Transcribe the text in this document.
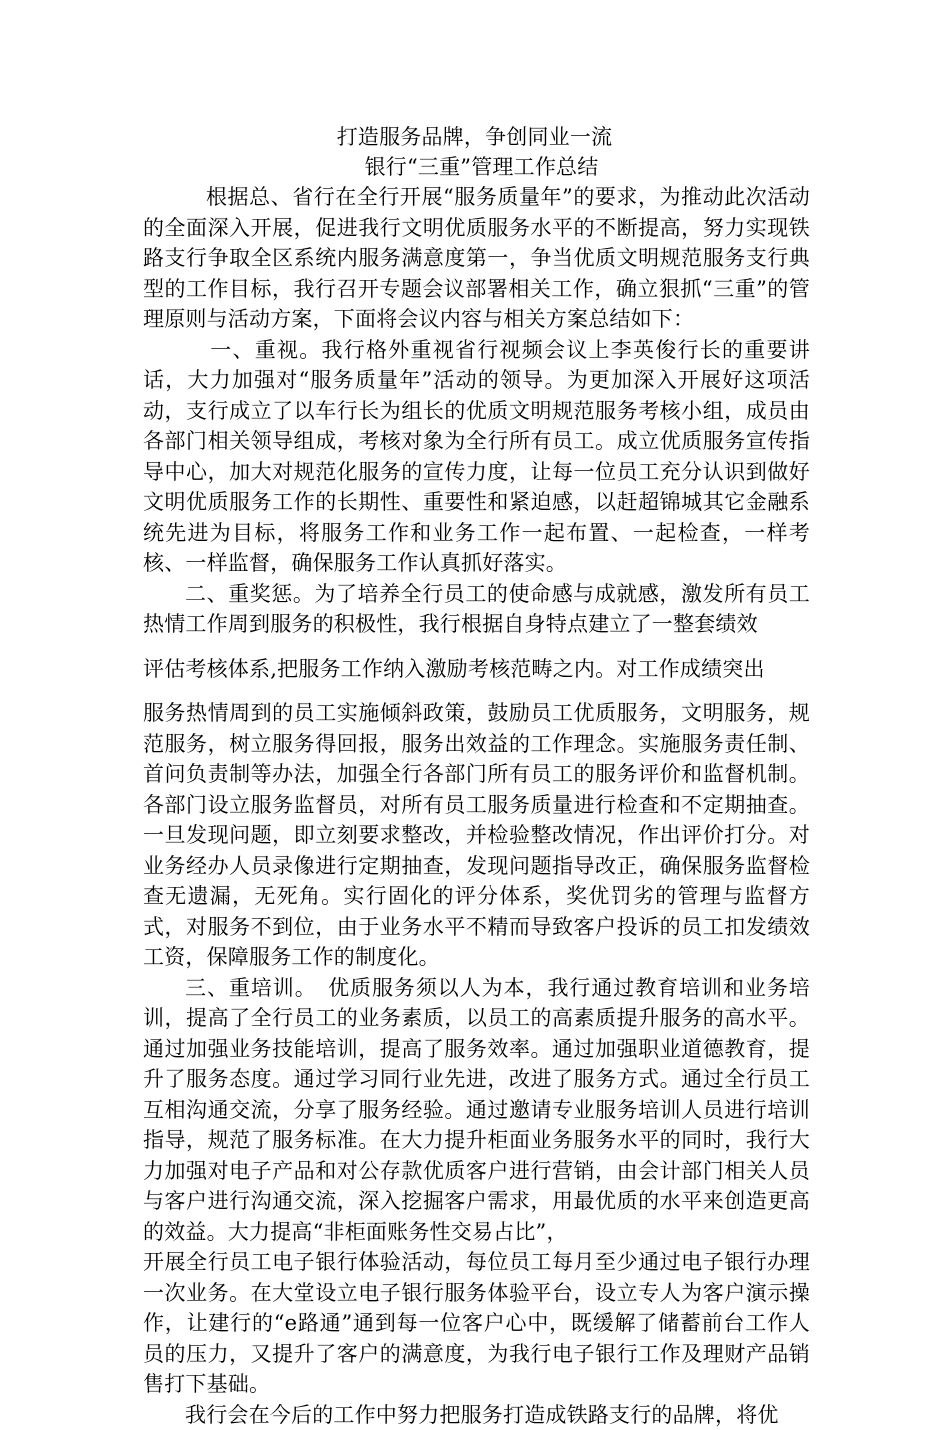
打造服务品牌，争创同业一流
银行“三重”管理工作总结

根据总、省行在全行开展“服务质量年”的要求，为推动此次活动的全面深入开展，促进我行文明优质服务水平的不断提高，努力实现铁路支行争取全区系统内服务满意度第一，争当优质文明规范服务支行典型的工作目标，我行召开专题会议部署相关工作，确立狠抓“三重”的管理原则与活动方案，下面将会议内容与相关方案总结如下：

一、重视。我行格外重视省行视频会议上李英俊行长的重要讲话，大力加强对“服务质量年”活动的领导。为更加深入开展好这项活动，支行成立了以车行长为组长的优质文明规范服务考核小组，成员由各部门相关领导组成，考核对象为全行所有员工。成立优质服务宣传指导中心，加大对规范化服务的宣传力度，让每一位员工充分认识到做好文明优质服务工作的长期性、重要性和紧迫感，以赶超锦城其它金融系统先进为目标，将服务工作和业务工作一起布置、一起检查，一样考核、一样监督，确保服务工作认真抓好落实。

二、重奖惩。为了培养全行员工的使命感与成就感，激发所有员工热情工作周到服务的积极性，我行根据自身特点建立了一整套绩效

评估考核体系,把服务工作纳入激励考核范畴之内。对工作成绩突出

服务热情周到的员工实施倾斜政策，鼓励员工优质服务，文明服务，规范服务，树立服务得回报，服务出效益的工作理念。实施服务责任制、首问负责制等办法，加强全行各部门所有员工的服务评价和监督机制。各部门设立服务监督员，对所有员工服务质量进行检查和不定期抽查。一旦发现问题，即立刻要求整改，并检验整改情况，作出评价打分。对业务经办人员录像进行定期抽查，发现问题指导改正，确保服务监督检查无遗漏，无死角。实行固化的评分体系，奖优罚劣的管理与监督方式，对服务不到位，由于业务水平不精而导致客户投诉的员工扣发绩效工资，保障服务工作的制度化。

三、重培训。　优质服务须以人为本，我行通过教育培训和业务培训，提高了全行员工的业务素质，以员工的高素质提升服务的高水平。通过加强业务技能培训，提高了服务效率。通过加强职业道德教育，提升了服务态度。通过学习同行业先进，改进了服务方式。通过全行员工互相沟通交流，分享了服务经验。通过邀请专业服务培训人员进行培训指导，规范了服务标准。在大力提升柜面业务服务水平的同时，我行大力加强对电子产品和对公存款优质客户进行营销，由会计部门相关人员与客户进行沟通交流，深入挖掘客户需求，用最优质的水平来创造更高的效益。大力提高“非柜面账务性交易占比”，

开展全行员工电子银行体验活动，每位员工每月至少通过电子银行办理一次业务。在大堂设立电子银行服务体验平台，设立专人为客户演示操作，让建行的“e路通”通到每一位客户心中，既缓解了储蓄前台工作人员的压力，又提升了客户的满意度，为我行电子银行工作及理财产品销售打下基础。

我行会在今后的工作中努力把服务打造成铁路支行的品牌，将优
